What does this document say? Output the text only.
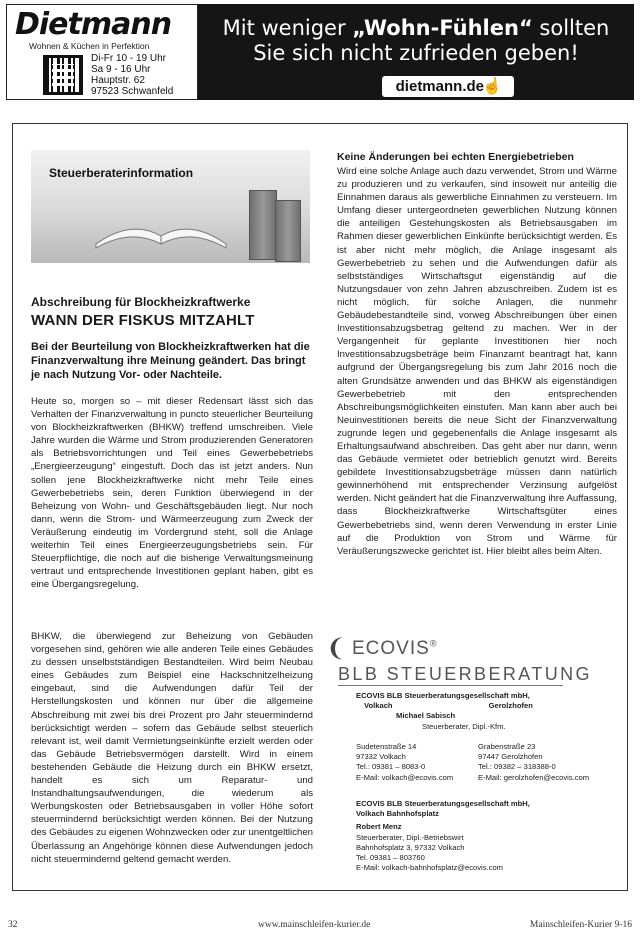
Dietmann
Wohnen & Küchen in Perfektion
Di-Fr 10 - 19 Uhr
Sa 9 - 16 Uhr
Hauptstr. 62
97523 Schwanfeld
Mit weniger „Wohn-Fühlen“ sollten
Sie sich nicht zufrieden geben!
dietmann.de
☝
Steuerberaterinformation
Abschreibung für Blockheizkraftwerke
WANN DER FISKUS MITZAHLT
Bei der Beurteilung von Blockheizkraftwerken hat die Finanzverwaltung ihre Meinung geändert. Das bringt je nach Nutzung Vor- oder Nachteile.
Heute so, morgen so – mit dieser Redensart lässt sich das Verhalten der Finanzverwaltung in puncto steuerlicher Beurteilung von Blockheizkraftwerken (BHKW) treffend umschreiben. Viele Jahre wurden die Wärme und Strom produzierenden Generatoren als Betriebsvorrichtungen und Teil eines Gewerbebetriebs „Energieerzeugung“ eingestuft. Doch das ist jetzt anders. Nun sollen jene Blockheizkraftwerke nicht mehr Teile eines Gewerbebetriebs sein, deren Funktion überwiegend in der Beheizung von Wohn- und Geschäftsgebäuden liegt. Nur noch dann, wenn die Strom- und Wärmeerzeugung zum Zweck der Veräußerung eindeutig im Vordergrund steht, soll die Anlage weiterhin Teil eines Energieerzeugungsbetriebs sein. Für Steuerpflichtige, die noch auf die bisherige Verwaltungsmeinung vertraut und entsprechende Investitionen geplant haben, gibt es eine Übergangsregelung.
BHKW, die überwiegend zur Beheizung von Gebäuden vorgesehen sind, gehören wie alle anderen Teile eines Gebäudes zu dessen unselbstständigen Bestandteilen. Wird beim Neubau eines Gebäudes zum Beispiel eine Hackschnitzelheizung eingebaut, sind die Aufwendungen dafür Teil der Herstellungskosten und können nur über die allgemeine Abschreibung mit zwei bis drei Prozent pro Jahr steuermindernd berücksichtigt werden – sofern das Gebäude selbst steuerlich relevant ist, weil damit Vermietungseinkünfte erzielt werden oder das Gebäude Betriebsvermögen darstellt. Wird in einem bestehenden Gebäude die Heizung durch ein BHKW ersetzt, handelt es sich um Reparatur- und Instandhaltungsaufwendungen, die wiederum als Werbungskosten oder Betriebsausgaben in voller Höhe sofort steuermindernd berücksichtigt werden können. Bei der Nutzung des Gebäudes zu eigenen Wohnzwecken oder zur unentgeltlichen Überlassung an Angehörige können diese Aufwendungen jedoch nicht steuermindernd geltend gemacht werden.
Keine Änderungen bei echten Energiebetrieben
Wird eine solche Anlage auch dazu verwendet, Strom und Wärme zu produzieren und zu verkaufen, sind insoweit nur anteilig die Einnahmen daraus als gewerbliche Einnahmen zu versteuern. Im Umfang dieser untergeordneten gewerblichen Nutzung können die anteiligen Gestehungskosten als Betriebsausgaben im Rahmen dieser gewerblichen Einkünfte berücksichtigt werden. Es ist aber nicht mehr möglich, die Anlage insgesamt als Gewerbebetrieb zu sehen und die Aufwendungen dafür als selbstständiges Wirtschaftsgut eigenständig auf die Nutzungsdauer von zehn Jahren abzuschreiben. Zudem ist es nicht möglich, für solche Anlagen, die nunmehr Gebäudebestandteile sind, vorweg Abschreibungen über einen Investitionsabzugsbetrag geltend zu machen. Wer in der Vergangenheit für geplante Investitionen hier noch Investitionsabzugsbeträge beim Finanzamt beantragt hat, kann aufgrund der Übergangsregelung bis zum Jahr 2016 noch die alten Grundsätze anwenden und das BHKW als eigenständigen Gewerbebetrieb mit den entsprechenden Abschreibungsmöglichkeiten einstufen. Man kann aber auch bei Neuinvestitionen bereits die neue Sicht der Finanzverwaltung zugrunde legen und gegebenenfalls die Anlage insgesamt als Erhaltungsaufwand abschreiben. Das geht aber nur dann, wenn das Gebäude vermietet oder betrieblich genutzt wird. Bereits gebildete Investitionsabzugsbeträge müssen dann natürlich gewinnerhöhend mit entsprechender Verzinsung aufgelöst werden. Nicht geändert hat die Finanzverwaltung ihre Auffassung, dass Blockheizkraftwerke Wirtschaftsgüter eines Gewerbebetriebs sind, wenn deren Verwendung in erster Linie auf die Produktion von Strom und Wärme für Veräußerungszwecke gerichtet ist. Hier bleibt alles beim Alten.
❨ ECOVIS®
BLB STEUERBERATUNG
ECOVIS BLB Steuerberatungsgesellschaft mbH,
Volkach	Gerolzhofen
Michael Sabisch
Steuerberater, Dipl.-Kfm.
Sudetenstraße 14
97332 Volkach
Tel.: 09381 – 8083-0
E-Mail: volkach@ecovis.com
Grabenstraße 23
97447 Gerolzhofen
Tel.: 09382 – 318388-0
E-Mail: gerolzhofen@ecovis.com
ECOVIS BLB Steuerberatungsgesellschaft mbH,
Volkach Bahnhofsplatz
Robert Menz
Steuerberater, Dipl.-Betriebswirt
Bahnhofsplatz 3, 97332 Volkach
Tel. 09381 – 803760
E-Mail: volkach-bahnhofsplatz@ecovis.com
32	www.mainschleifen-kurier.de	Mainschleifen-Kurier 9-16
